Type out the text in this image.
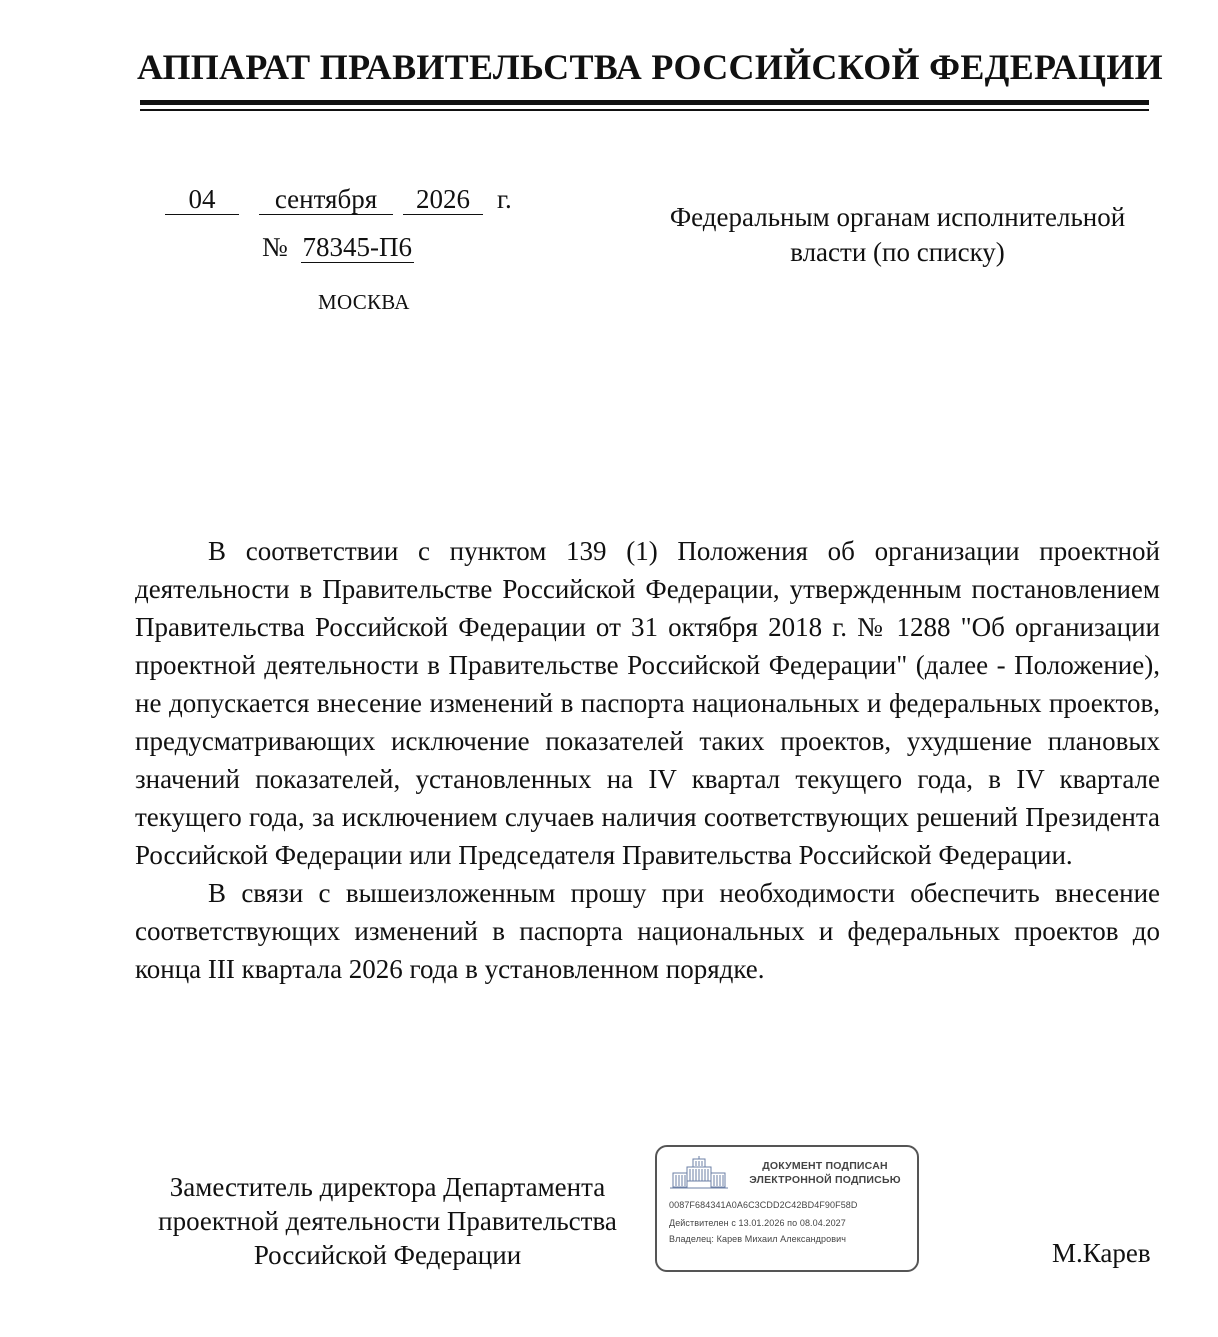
АППАРАТ ПРАВИТЕЛЬСТВА РОССИЙСКОЙ ФЕДЕРАЦИИ
04 сентября 2026 г.
№ 78345-П6
МОСКВА
Федеральным органам исполнительной
власти (по списку)

В соответствии с пунктом 139 (1) Положения об организации проектной деятельности в Правительстве Российской Федерации, утвержденным постановлением Правительства Российской Федерации от 31 октября 2018 г. № 1288 "Об организации проектной деятельности в Правительстве Российской Федерации" (далее - Положение), не допускается внесение изменений в паспорта национальных и федеральных проектов, предусматривающих исключение показателей таких проектов, ухудшение плановых значений показателей, установленных на IV квартал текущего года, в IV квартале текущего года, за исключением случаев наличия соответствующих решений Президента Российской Федерации или Председателя Правительства Российской Федерации.

В связи с вышеизложенным прошу при необходимости обеспечить внесение соответствующих изменений в паспорта национальных и федеральных проектов до конца III квартала 2026 года в установленном порядке.

Заместитель директора Департамента
проектной деятельности Правительства
Российской Федерации
ДОКУМЕНТ ПОДПИСАН
ЭЛЕКТРОННОЙ ПОДПИСЬЮ
0087F684341A0A6C3CDD2C42BD4F90F58D
Действителен с 13.01.2026 по 08.04.2027
Владелец: Карев Михаил Александрович	М.Карев
